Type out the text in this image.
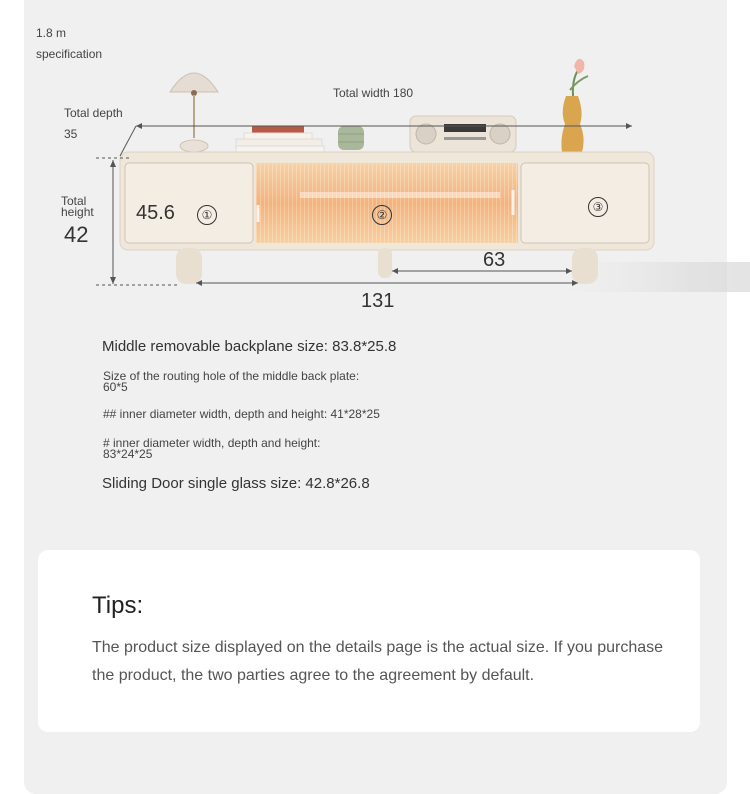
1.8 m
specification
Total depth
35
Total width 180
Total height
42
45.6
63
131
①	②
③
Middle removable backplane size: 83.8*25.8
Size of the routing hole of the middle back plate: 60*5
## inner diameter width, depth and height: 41*28*25
# inner diameter width, depth and height: 83*24*25
Sliding Door single glass size: 42.8*26.8
Tips:
The product size displayed on the details page is the actual size. If you purchase the product, the two parties agree to the agreement by default.
